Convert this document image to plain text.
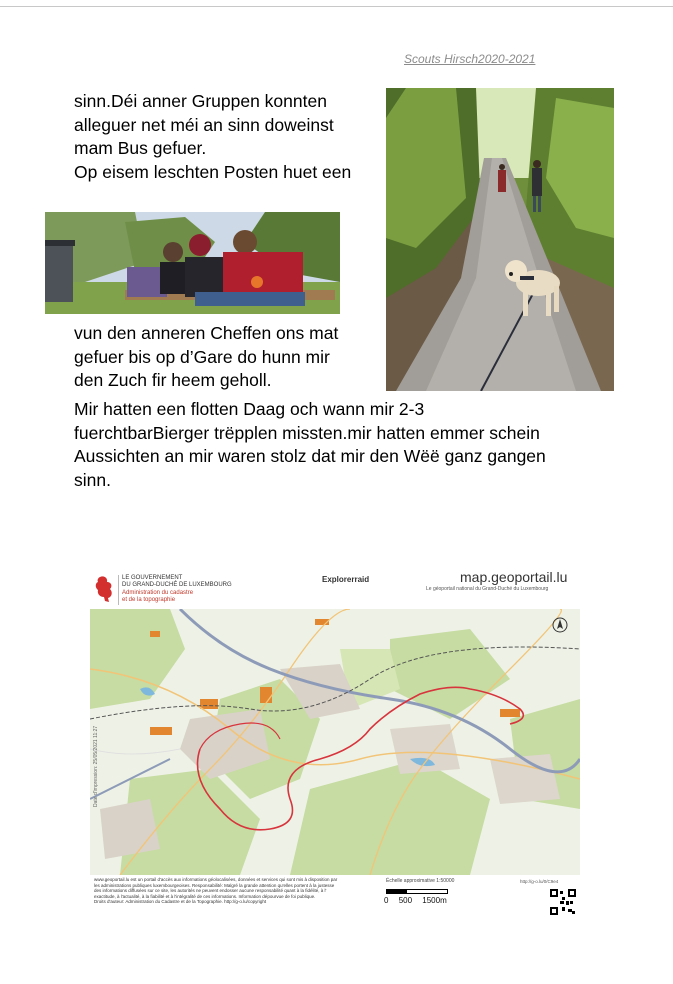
Scouts Hirsch2020-2021
sinn.Déi anner Gruppen konnten
alleguer net méi an sinn doweinst
mam Bus gefuer.
Op eisem leschten Posten huet een
vun den anneren Cheffen ons mat
gefuer bis op d’Gare do hunn mir
den Zuch fir heem geholl.
Mir hatten een flotten Daag och wann mir 2-3
fuerchtbarBierger trëpplen missten.mir hatten emmer schein
Aussichten an mir waren stolz dat mir den Wëë ganz gangen
sinn.
LE GOUVERNEMENT
DU GRAND-DUCHÉ DE LUXEMBOURG
Administration du cadastre
et de la topographie
Explorerraid	map.geoportail.lu
Le géoportail national du Grand-Duché du Luxembourg
Date d'impression: 25/05/2021 11:27
www.geoportail.lu est un portail d'accès aux informations géolocalisées, données et services qui sont mis à disposition par
les administrations publiques luxembourgeoises. Responsabilité: Malgré la grande attention qu'elles portent à la justesse
des informations diffusées sur ce site, les autorités ne peuvent endosser aucune responsabilité quant à la fidélité, à l'
exactitude, à l'actualité, à la fiabilité et à l'intégralité de ces informations. Information dépourvue de foi publique.
Droits d'auteur: Administration du Cadastre et de la Topographie. http://g-o.lu/copyright
Échelle approximative 1:50000
0 500 1500m
http://g-o.lu/0/C9e4
